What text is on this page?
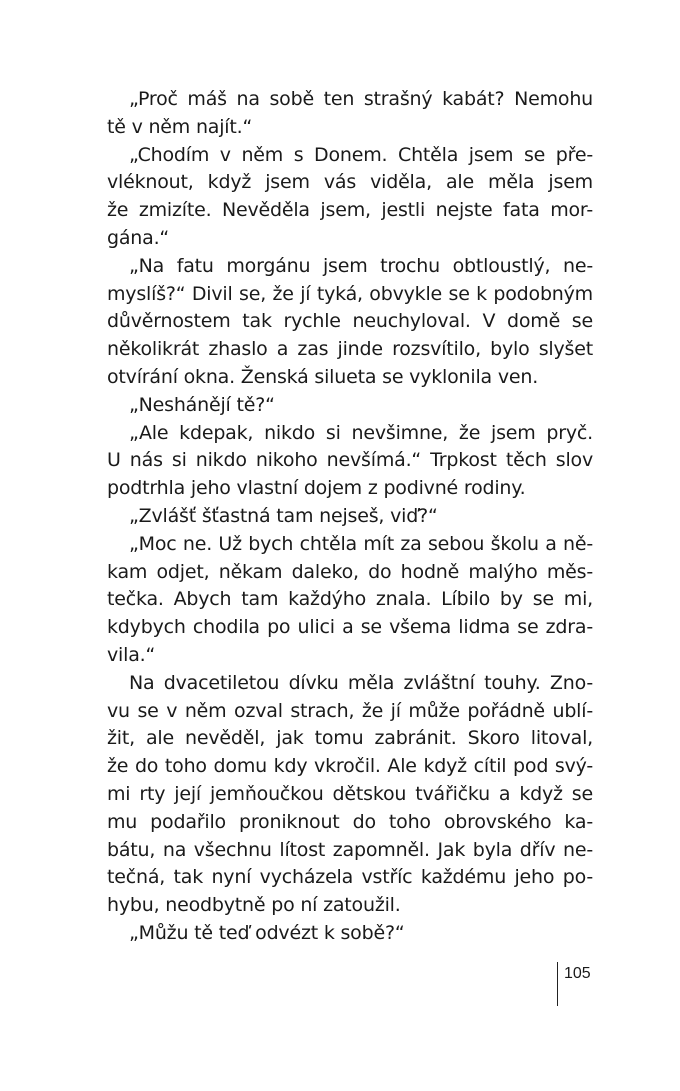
„Proč máš na sobě ten strašný kabát? Nemohu
tě v něm najít.“
„Chodím v něm s Donem. Chtěla jsem se pře-
vléknout, když jsem vás viděla, ale měla jsem
že zmizíte. Nevěděla jsem, jestli nejste fata mor-
gána.“
„Na fatu morgánu jsem trochu obtloustlý, ne-
myslíš?“ Divil se, že jí tyká, obvykle se k podobným
důvěrnostem tak rychle neuchyloval. V domě se
několikrát zhaslo a zas jinde rozsvítilo, bylo slyšet
otvírání okna. Ženská silueta se vyklonila ven.
„Neshánějí tě?“
„Ale kdepak, nikdo si nevšimne, že jsem pryč.
U nás si nikdo nikoho nevšímá.“ Trpkost těch slov
podtrhla jeho vlastní dojem z podivné rodiny.
„Zvlášť šťastná tam nejseš, viď?“
„Moc ne. Už bych chtěla mít za sebou školu a ně-
kam odjet, někam daleko, do hodně malýho měs-
tečka. Abych tam každýho znala. Líbilo by se mi,
kdybych chodila po ulici a se všema lidma se zdra-
vila.“
Na dvacetiletou dívku měla zvláštní touhy. Zno-
vu se v něm ozval strach, že jí může pořádně ublí-
žit, ale nevěděl, jak tomu zabránit. Skoro litoval,
že do toho domu kdy vkročil. Ale když cítil pod svý-
mi rty její jemňoučkou dětskou tvářičku a když se
mu podařilo proniknout do toho obrovského ka-
bátu, na všechnu lítost zapomněl. Jak byla dřív ne-
tečná, tak nyní vycházela vstříc každému jeho po-
hybu, neodbytně po ní zatoužil.
„Můžu tě teď odvézt k sobě?“
105
